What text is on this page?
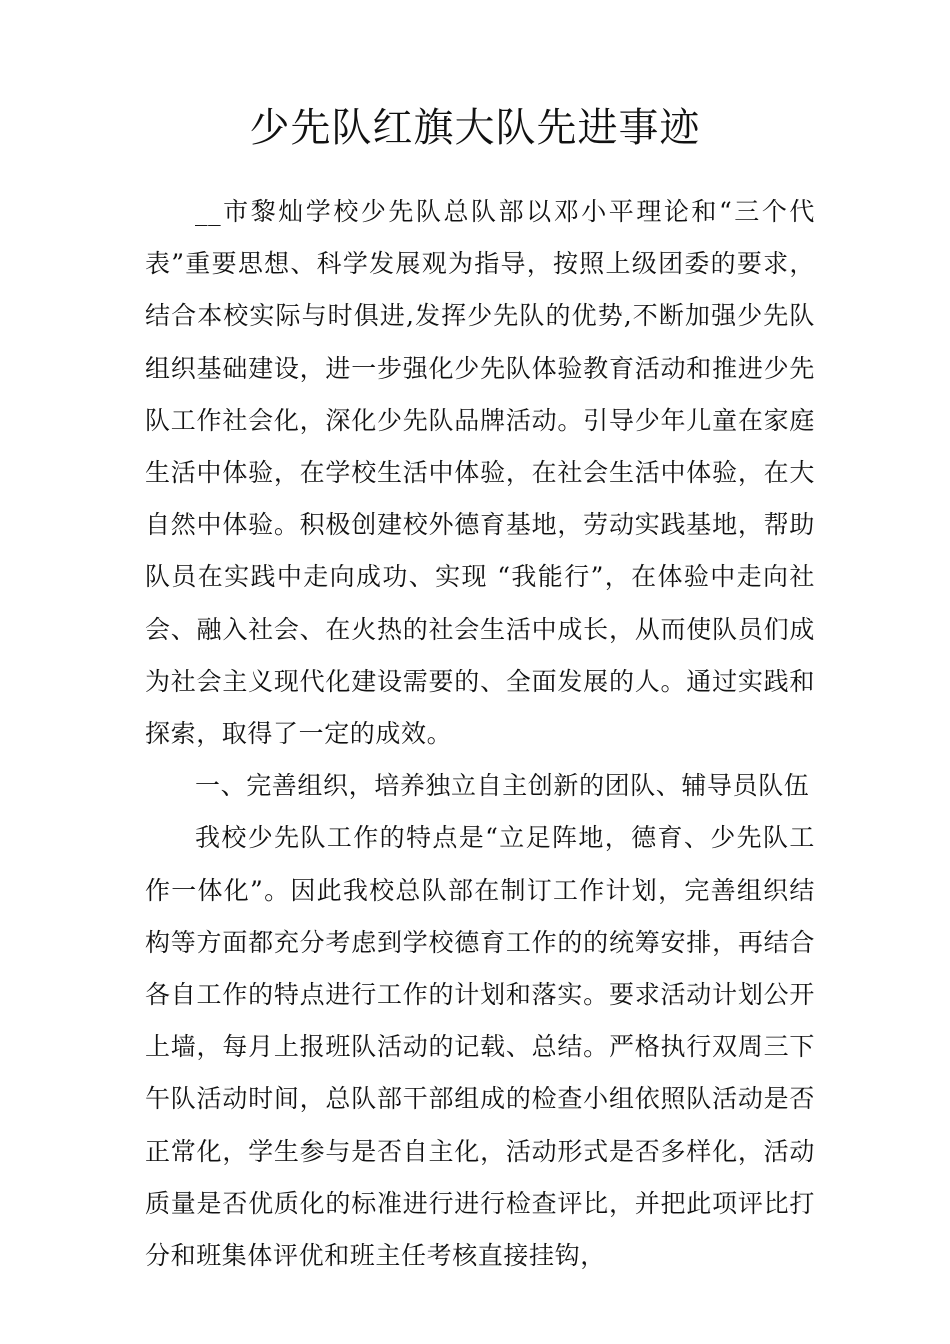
少先队红旗大队先进事迹

__市黎灿学校少先队总队部以邓小平理论和“三个代表”重要思想、科学发展观为指导，按照上级团委的要求，结合本校实际与时俱进,发挥少先队的优势,不断加强少先队组织基础建设，进一步强化少先队体验教育活动和推进少先队工作社会化，深化少先队品牌活动。引导少年儿童在家庭生活中体验，在学校生活中体验，在社会生活中体验，在大自然中体验。积极创建校外德育基地，劳动实践基地，帮助队员在实践中走向成功、实现 “我能行”，在体验中走向社会、融入社会、在火热的社会生活中成长，从而使队员们成为社会主义现代化建设需要的、全面发展的人。通过实践和探索，取得了一定的成效。

一、完善组织，培养独立自主创新的团队、辅导员队伍

我校少先队工作的特点是“立足阵地，德育、少先队工作一体化”。因此我校总队部在制订工作计划，完善组织结构等方面都充分考虑到学校德育工作的的统筹安排，再结合各自工作的特点进行工作的计划和落实。要求活动计划公开上墙，每月上报班队活动的记载、总结。严格执行双周三下午队活动时间，总队部干部组成的检查小组依照队活动是否正常化，学生参与是否自主化，活动形式是否多样化，活动质量是否优质化的标准进行进行检查评比，并把此项评比打分和班集体评优和班主任考核直接挂钩，
